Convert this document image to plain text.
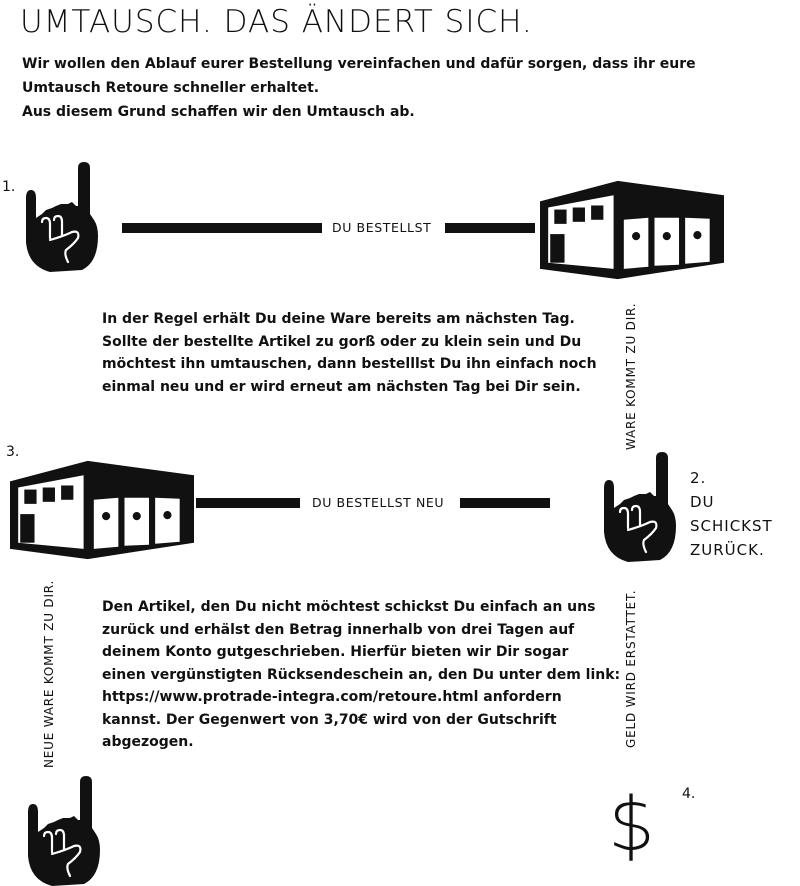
UMTAUSCH. DAS ÄNDERT SICH.
Wir wollen den Ablauf eurer Bestellung vereinfachen und dafür sorgen, dass ihr eure
Umtausch Retoure schneller erhaltet.
Aus diesem Grund schaffen wir den Umtausch ab.
1.
DU BESTELLST
WARE KOMMT ZU DIR.
In der Regel erhält Du deine Ware bereits am nächsten Tag.
Sollte der bestellte Artikel zu gorß oder zu klein sein und Du
möchtest ihn umtauschen, dann bestelllst Du ihn einfach noch
einmal neu und er wird erneut am nächsten Tag bei Dir sein.
3.
DU BESTELLST NEU
2.
DU SCHICKST
ZURÜCK.
NEUE WARE KOMMT ZU DIR.	GELD WIRD ERSTATTET.
Den Artikel, den Du nicht möchtest schickst Du einfach an uns
zurück und erhälst den Betrag innerhalb von drei Tagen auf
deinem Konto gutgeschrieben. Hierfür bieten wir Dir sogar
einen vergünstigten Rücksendeschein an, den Du unter dem link:
https://www.protrade-integra.com/retoure.html anfordern
kannst. Der Gegenwert von 3,70€ wird von der Gutschrift
abgezogen.
$ 4.
